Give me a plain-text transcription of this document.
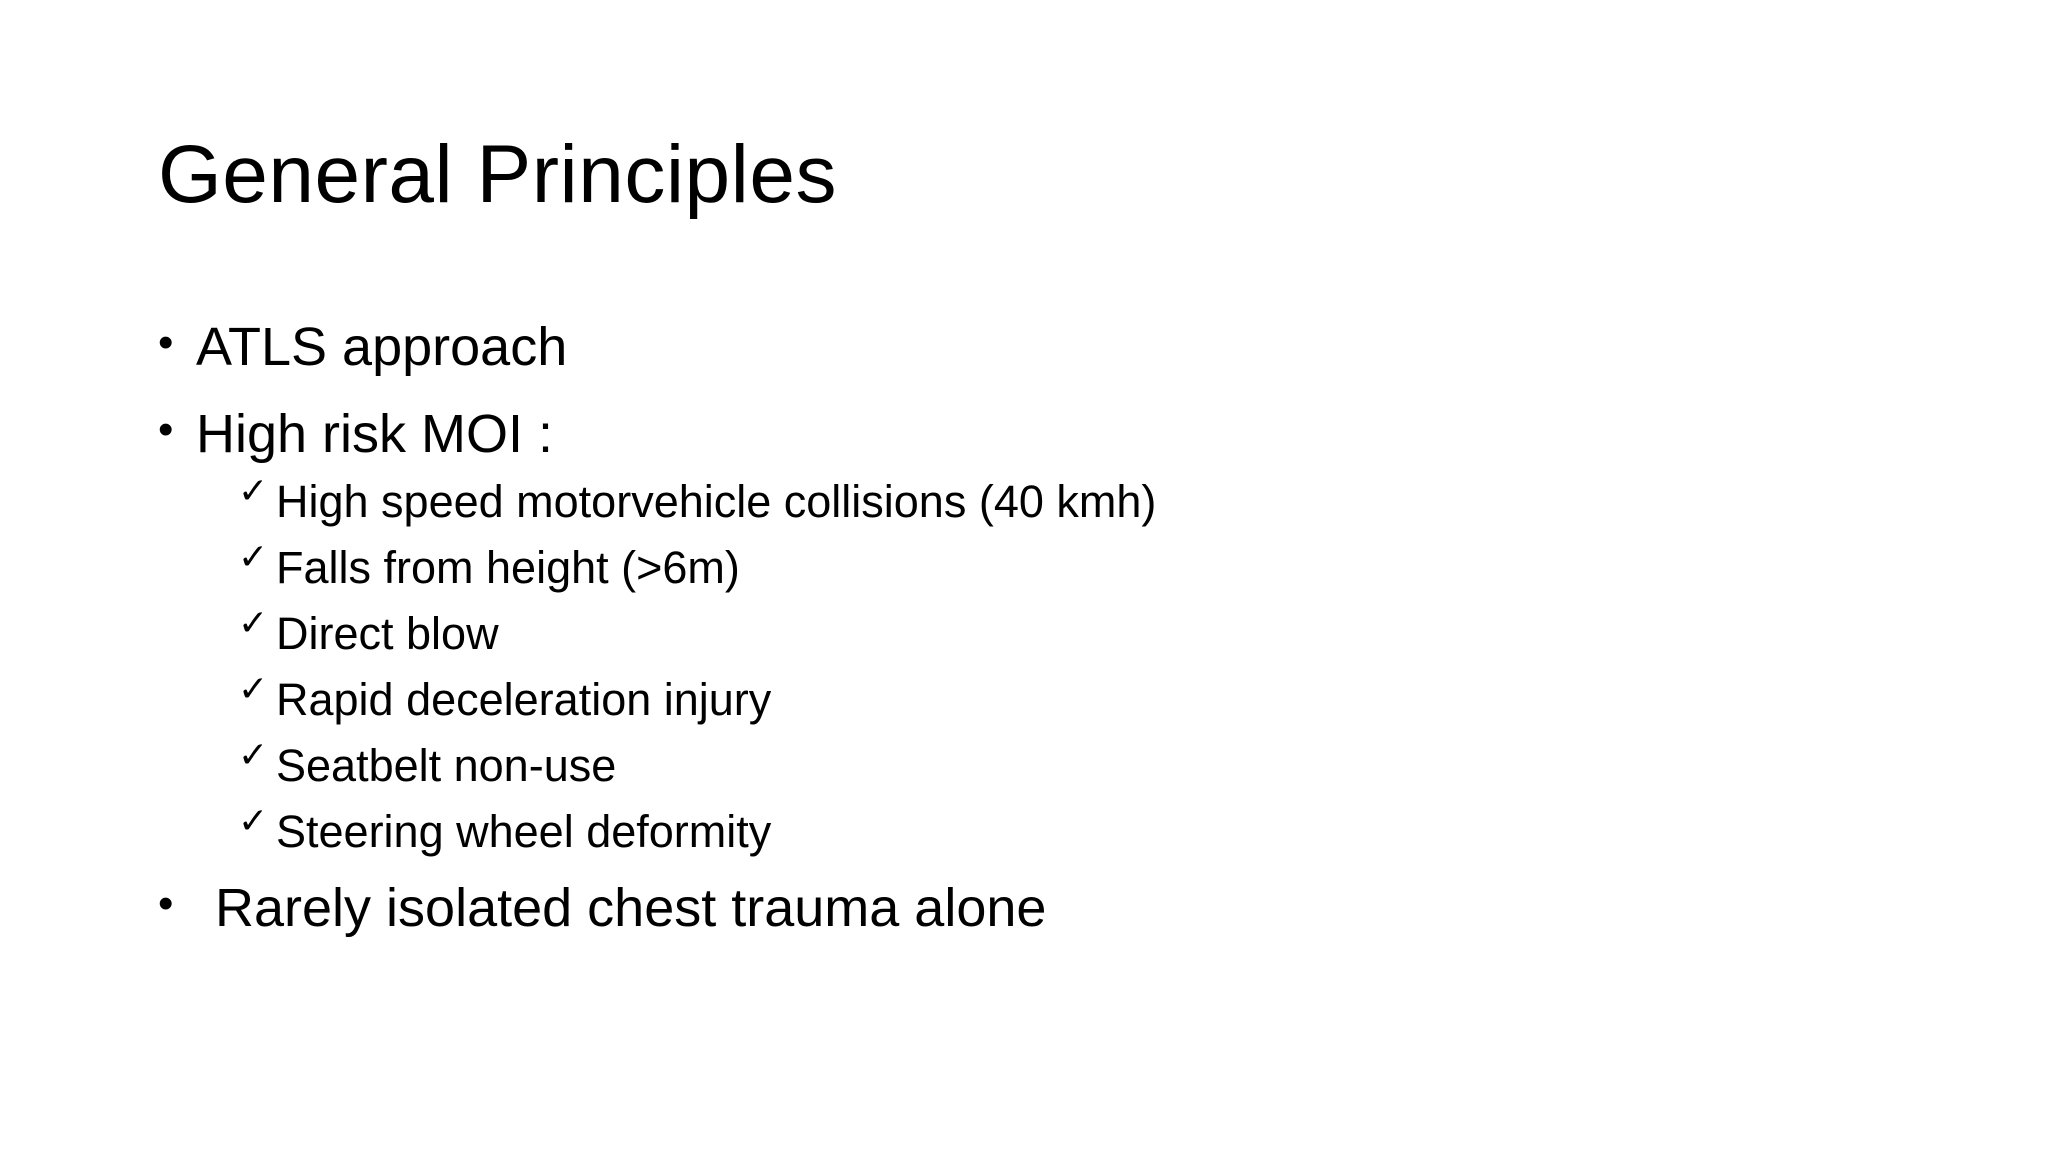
General Principles
• ATLS approach
• High risk MOI :
✓ High speed motorvehicle collisions (40 kmh)
✓ Falls from height (>6m)
✓ Direct blow
✓ Rapid deceleration injury
✓ Seatbelt non-use
✓ Steering wheel deformity
• Rarely isolated chest trauma alone
